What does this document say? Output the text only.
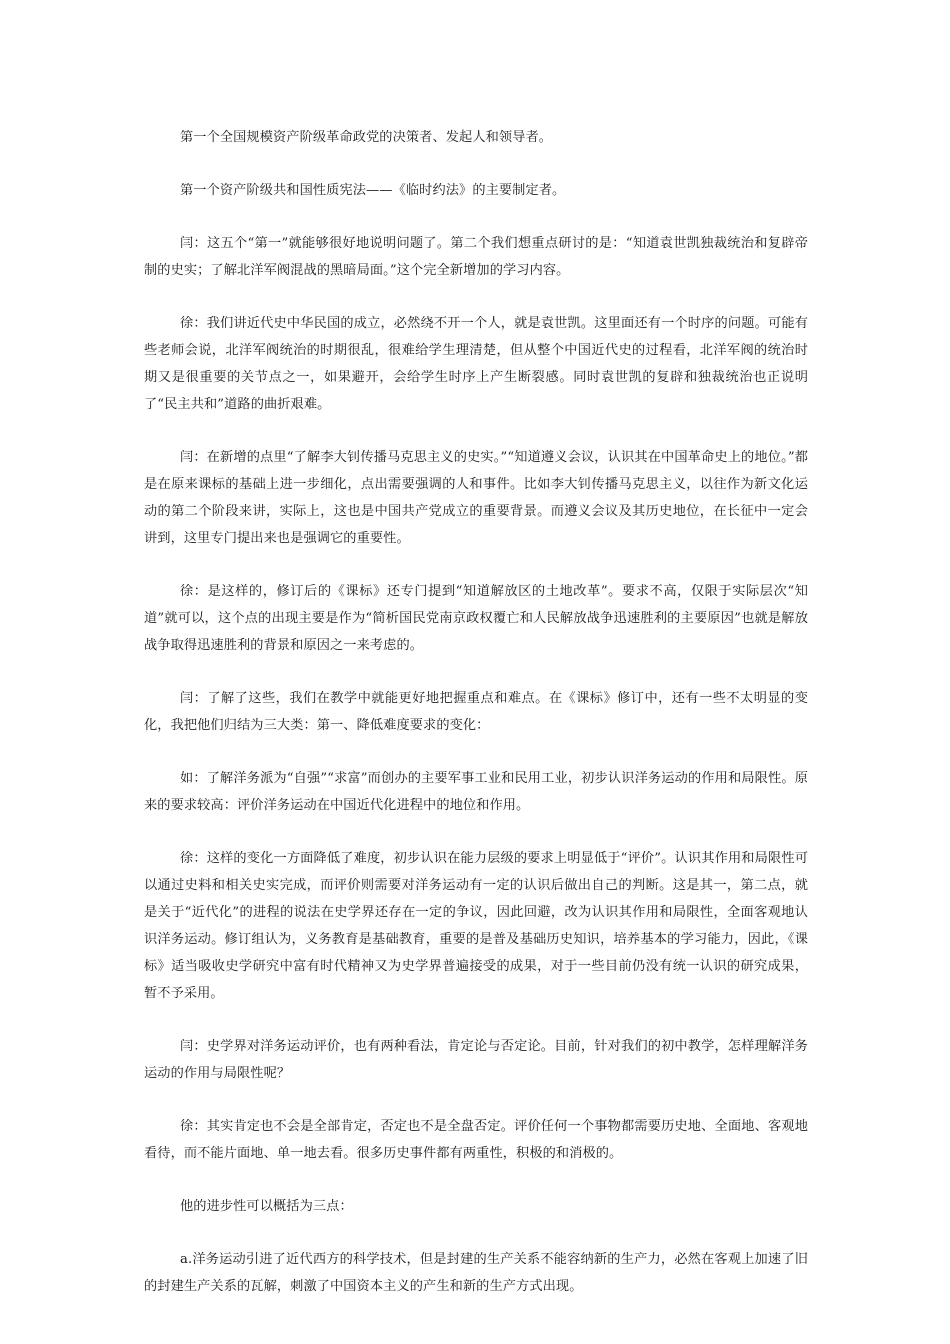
第一个全国规模资产阶级革命政党的决策者、发起人和领导者。

第一个资产阶级共和国性质宪法——《临时约法》的主要制定者。

闫：这五个“第一”就能够很好地说明问题了。第二个我们想重点研讨的是：“知道袁世凯独裁统治和复辟帝制的史实；了解北洋军阀混战的黑暗局面。”这个完全新增加的学习内容。

徐：我们讲近代史中华民国的成立，必然绕不开一个人，就是袁世凯。这里面还有一个时序的问题。可能有些老师会说，北洋军阀统治的时期很乱，很难给学生理清楚，但从整个中国近代史的过程看，北洋军阀的统治时期又是很重要的关节点之一，如果避开，会给学生时序上产生断裂感。同时袁世凯的复辟和独裁统治也正说明了“民主共和”道路的曲折艰难。

闫：在新增的点里“了解李大钊传播马克思主义的史实。”“知道遵义会议，认识其在中国革命史上的地位。”都是在原来课标的基础上进一步细化，点出需要强调的人和事件。比如李大钊传播马克思主义，以往作为新文化运动的第二个阶段来讲，实际上，这也是中国共产党成立的重要背景。而遵义会议及其历史地位，在长征中一定会讲到，这里专门提出来也是强调它的重要性。

徐：是这样的，修订后的《课标》还专门提到“知道解放区的土地改革”。要求不高，仅限于实际层次“知道”就可以，这个点的出现主要是作为“简析国民党南京政权覆亡和人民解放战争迅速胜利的主要原因”也就是解放战争取得迅速胜利的背景和原因之一来考虑的。

闫：了解了这些，我们在教学中就能更好地把握重点和难点。在《课标》修订中，还有一些不太明显的变化，我把他们归结为三大类：第一、降低难度要求的变化：

如：了解洋务派为“自强”“求富”而创办的主要军事工业和民用工业，初步认识洋务运动的作用和局限性。原来的要求较高：评价洋务运动在中国近代化进程中的地位和作用。

徐：这样的变化一方面降低了难度，初步认识在能力层级的要求上明显低于“评价”。认识其作用和局限性可以通过史料和相关史实完成，而评价则需要对洋务运动有一定的认识后做出自己的判断。这是其一，第二点，就是关于“近代化”的进程的说法在史学界还存在一定的争议，因此回避，改为认识其作用和局限性，全面客观地认识洋务运动。修订组认为，义务教育是基础教育，重要的是普及基础历史知识，培养基本的学习能力，因此，《课标》适当吸收史学研究中富有时代精神又为史学界普遍接受的成果，对于一些目前仍没有统一认识的研究成果，暂不予采用。

闫：史学界对洋务运动评价，也有两种看法，肯定论与否定论。目前，针对我们的初中教学，怎样理解洋务运动的作用与局限性呢？

徐：其实肯定也不会是全部肯定，否定也不是全盘否定。评价任何一个事物都需要历史地、全面地、客观地看待，而不能片面地、单一地去看。很多历史事件都有两重性，积极的和消极的。

他的进步性可以概括为三点：

a.洋务运动引进了近代西方的科学技术，但是封建的生产关系不能容纳新的生产力，必然在客观上加速了旧的封建生产关系的瓦解，刺激了中国资本主义的产生和新的生产方式出现。
